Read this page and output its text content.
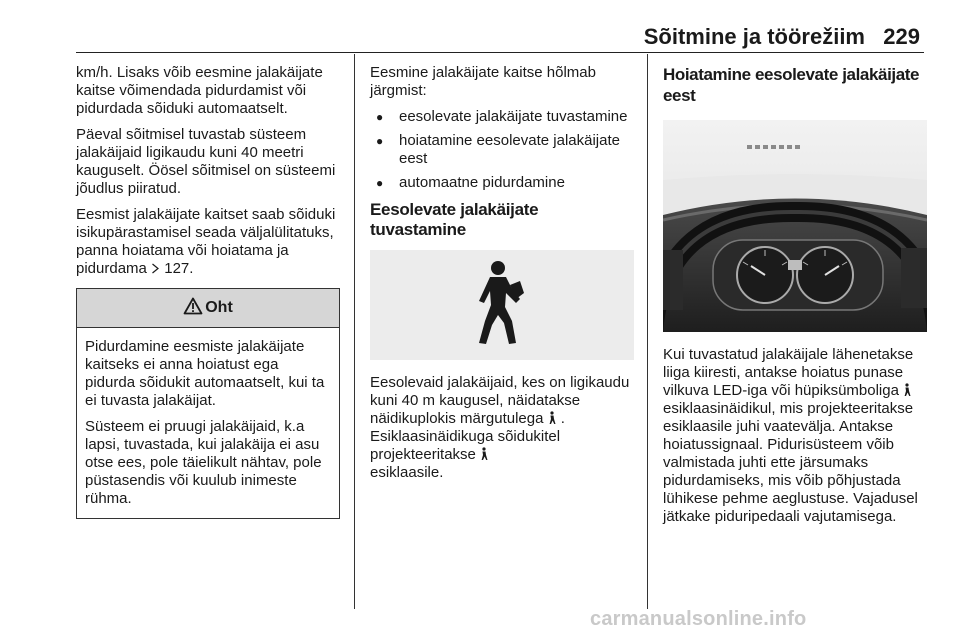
Sõitmine ja töörežiim 229

km/h. Lisaks võib eesmine jalakäijate kaitse võimendada pidurdamist või pidurdada sõiduki automaatselt.

Päeval sõitmisel tuvastab süsteem jalakäijaid ligikaudu kuni 40 meetri kauguselt. Öösel sõitmisel on süsteemi jõudlus piiratud.

Eesmist jalakäijate kaitset saab sõiduki isikupärastamisel seada väljalülitatuks, panna hoiatama või hoiatama ja pidurdama 127.

Oht

Pidurdamine eesmiste jalakäijate kaitseks ei anna hoiatust ega pidurda sõidukit automaatselt, kui ta ei tuvasta jalakäijat.

Süsteem ei pruugi jalakäijaid, k.a lapsi, tuvastada, kui jalakäija ei asu otse ees, pole täielikult nähtav, pole püstasendis või kuulub inimeste rühma.

Eesmine jalakäijate kaitse hõlmab järgmist:

● eesolevate jalakäijate tuvastamine
● hoiatamine eesolevate jalakäijate eest
● automaatne pidurdamine
Eesolevate jalakäijate tuvastamine

Eesolevaid jalakäijaid, kes on ligikaudu kuni 40 m kaugusel, näidatakse näidikuplokis märgutulega . Esiklaasinäidikuga sõidukitel projekteeritakse
esiklaasile.

Hoiatamine eesolevate jalakäijate eest

Kui tuvastatud jalakäijale lähenetakse liiga kiiresti, antakse hoiatus punase vilkuva LED-iga või hüpiksümboliga  esiklaasinäidikul, mis projekteeritakse esiklaasile juhi vaatevälja. Antakse hoiatussignaal. Pidurisüsteem võib valmistada juhti ette järsumaks pidurdamiseks, mis võib põhjustada lühikese pehme aeglustuse. Vajadusel jätkake piduripedaali vajutamisega.

carmanualsonline.info
